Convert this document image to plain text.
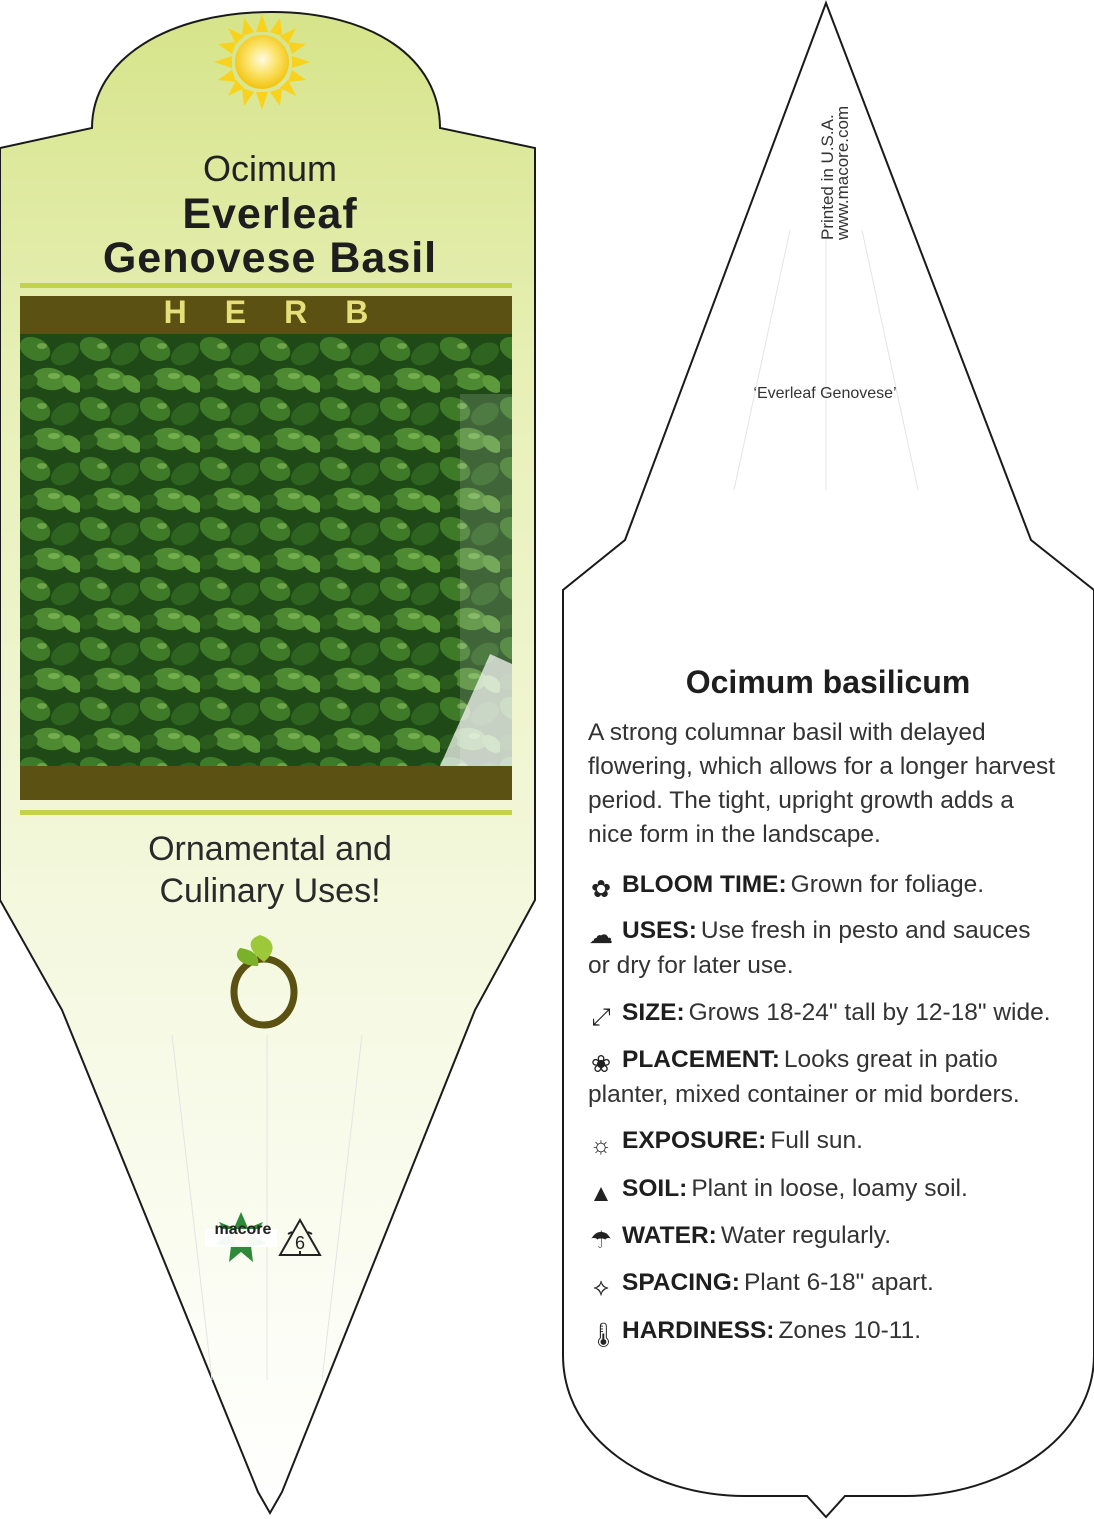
Ocimum
Everleaf
Genovese Basil
HERB
Ornamental and
Culinary Uses!
macore
6
Printed in U.S.A.
www.macore.com
‘Everleaf Genovese’
Ocimum basilicum
A strong columnar basil with delayed flowering, which allows for a longer harvest period. The tight, upright growth adds a nice form in the landscape.

✿ BLOOM TIME: Grown for foliage.

☁ USES: Use fresh in pesto and sauces or dry for later use.

⤢ SIZE: Grows 18-24" tall by 12-18" wide.

❀ PLACEMENT: Looks great in patio planter, mixed container or mid borders.

☼ EXPOSURE: Full sun.

▲ SOIL: Plant in loose, loamy soil.

☂ WATER: Water regularly.

⟡ SPACING: Plant 6-18" apart.

🌡 HARDINESS: Zones 10-11.
